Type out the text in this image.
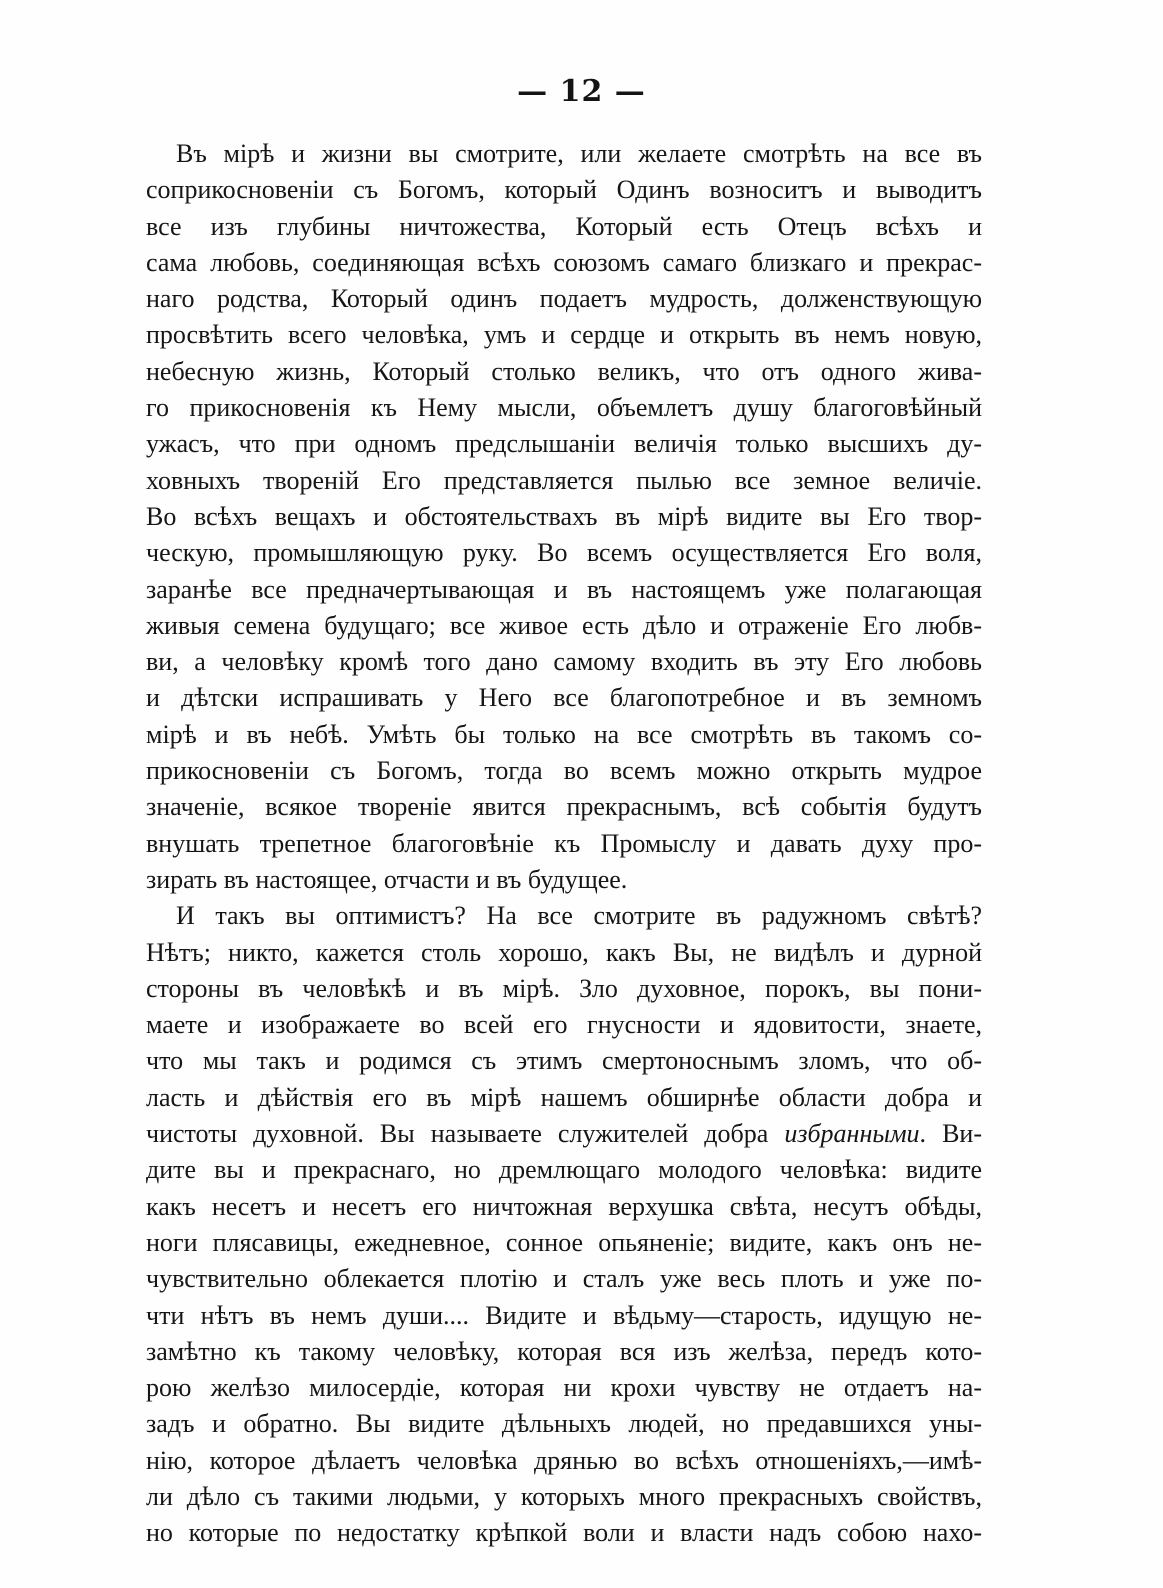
— 12 —
Въ мірѣ и жизни вы смотрите, или желаете смотрѣть на все въ
соприкосновеніи съ Богомъ, который Одинъ возноситъ и выводитъ
все изъ глубины ничтожества, Который есть Отецъ всѣхъ и
сама любовь, соединяющая всѣхъ союзомъ самаго близкаго и прекрас-
наго родства, Который одинъ подаетъ мудрость, долженствующую
просвѣтить всего человѣка, умъ и сердце и открыть въ немъ новую,
небесную жизнь, Который столько великъ, что отъ одного жива-
го прикосновенія къ Нему мысли, объемлетъ душу благоговѣйный
ужасъ, что при одномъ предслышаніи величія только высшихъ ду-
ховныхъ твореній Его представляется пылью все земное величіе.
Во всѣхъ вещахъ и обстоятельствахъ въ мірѣ видите вы Его твор-
ческую, промышляющую руку. Во всемъ осуществляется Его воля,
заранѣе все предначертывающая и въ настоящемъ уже полагающая
живыя семена будущаго; все живое есть дѣло и отраженіе Его любв-
ви, а человѣку кромѣ того дано самому входить въ эту Его любовь
и дѣтски испрашивать у Него все благопотребное и въ земномъ
мірѣ и въ небѣ. Умѣть бы только на все смотрѣть въ такомъ со-
прикосновеніи съ Богомъ, тогда во всемъ можно открыть мудрое
значеніе, всякое твореніе явится прекраснымъ, всѣ событія будутъ
внушать трепетное благоговѣніе къ Промыслу и давать духу про-
зирать въ настоящее, отчасти и въ будущее.
И такъ вы оптимистъ? На все смотрите въ радужномъ свѣтѣ?
Нѣтъ; никто, кажется столь хорошо, какъ Вы, не видѣлъ и дурной
стороны въ человѣкѣ и въ мірѣ. Зло духовное, порокъ, вы пони-
маете и изображаете во всей его гнусности и ядовитости, знаете,
что мы такъ и родимся съ этимъ смертоноснымъ зломъ, что об-
ласть и дѣйствія его въ мірѣ нашемъ обширнѣе области добра и
чистоты духовной. Вы называете служителей добра избранными. Ви-
дите вы и прекраснаго, но дремлющаго молодого человѣка: видите
какъ несетъ и несетъ его ничтожная верхушка свѣта, несутъ обѣды,
ноги плясавицы, ежедневное, сонное опьяненіе; видите, какъ онъ не-
чувствительно облекается плотію и сталъ уже весь плоть и уже по-
чти нѣтъ въ немъ души.... Видите и вѣдьму—старость, идущую не-
замѣтно къ такому человѣку, которая вся изъ желѣза, передъ кото-
рою желѣзо милосердіе, которая ни крохи чувству не отдаетъ на-
задъ и обратно. Вы видите дѣльныхъ людей, но предавшихся уны-
нію, которое дѣлаетъ человѣка дрянью во всѣхъ отношеніяхъ,—имѣ-
ли дѣло съ такими людьми, у которыхъ много прекрасныхъ свойствъ,
но которые по недостатку крѣпкой воли и власти надъ собою нахо-
